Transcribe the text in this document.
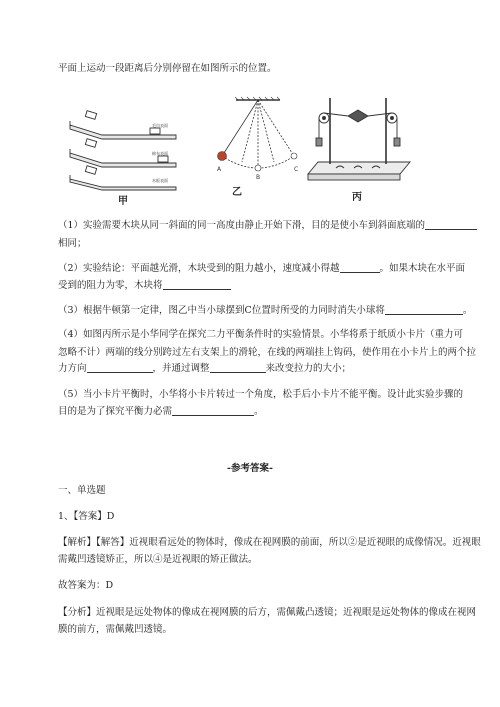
平面上运动一段距离后分别停留在如图所示的位置。
毛巾表面
棉布表面
木板表面
甲
A
B
C
乙	丙
（1）实验需要木块从同一斜面的同一高度由静止开始下滑，目的是使小车到斜面底端的
相同；
（2）实验结论：平面越光滑，木块受到的阻力越小，速度减小得越	。如果木块在水平面
受到的阻力为零，木块将
（3）根据牛顿第一定律，图乙中当小球摆到C位置时所受的力同时消失小球将	。
（4）如图丙所示是小华同学在探究二力平衡条件时的实验情景。小华将系于纸质小卡片（重力可
忽略不计）两端的线分别跨过左右支架上的滑轮，在线的两端挂上钩码，使作用在小卡片上的两个拉
力方向	，并通过调整	来改变拉力的大小；
（5）当小卡片平衡时，小华将小卡片转过一个角度，松手后小卡片不能平衡。设计此实验步骤的
目的是为了探究平衡力必需	。
-参考答案-
一、单选题
1、【答案】D
【解析】【解答】近视眼看远处的物体时，像成在视网膜的前面，所以②是近视眼的成像情况。近视眼
需戴凹透镜矫正，所以④是近视眼的矫正做法。
故答案为：D
【分析】近视眼是远处物体的像成在视网膜的后方，需佩戴凸透镜；近视眼是远处物体的像成在视网
膜的前方，需佩戴凹透镜。
